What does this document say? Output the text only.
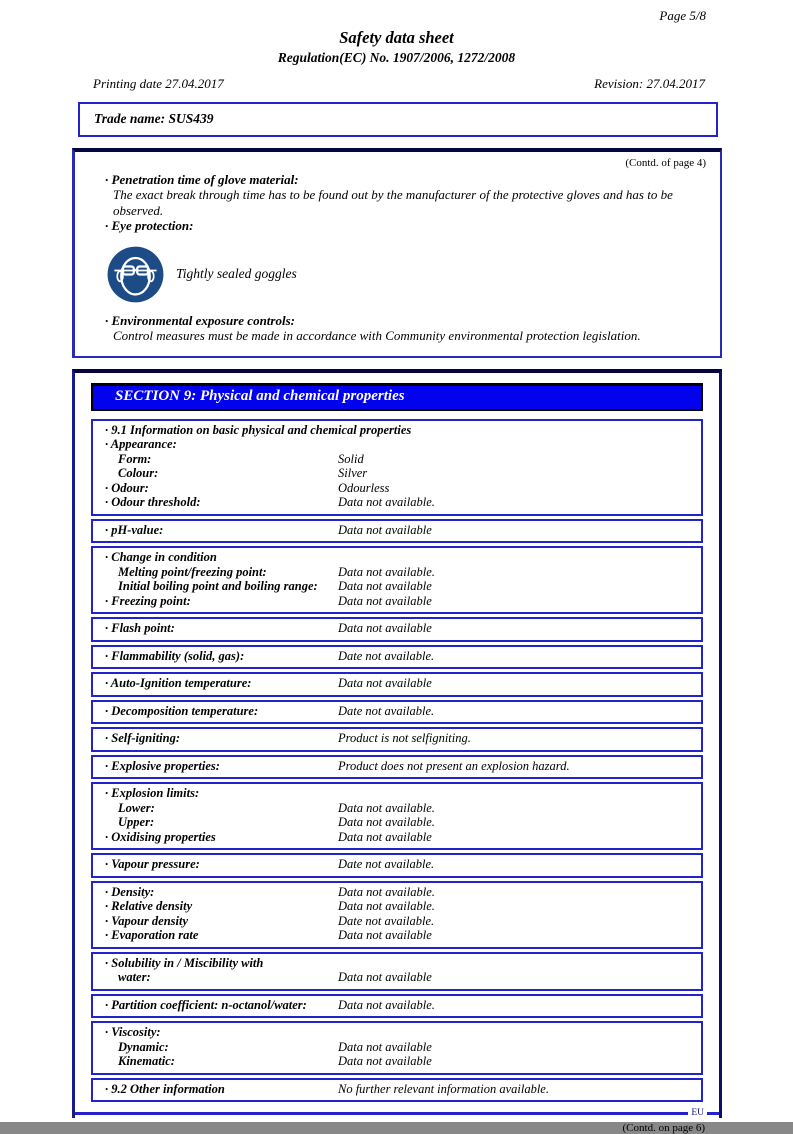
Page 5/8
Safety data sheet
Regulation(EC) No. 1907/2006, 1272/2008
Printing date 27.04.2017	Revision: 27.04.2017
Trade name: SUS439
(Contd. of page 4)
· Penetration time of glove material:
The exact break through time has to be found out by the manufacturer of the protective gloves and has to be observed.
· Eye protection:
Tightly sealed goggles
· Environmental exposure controls:
Control measures must be made in accordance with Community environmental protection legislation.
SECTION 9: Physical and chemical properties
· 9.1 Information on basic physical and chemical properties
· Appearance:
Form:	Solid
Colour:	Silver
· Odour:	Odourless
· Odour threshold:	Data not available.
· pH-value:	Data not available
· Change in condition
Melting point/freezing point:	Data not available.
Initial boiling point and boiling range:	Data not available
· Freezing point:	Data not available
· Flash point:	Data not available
· Flammability (solid, gas):	Date not available.
· Auto-Ignition temperature:	Data not available
· Decomposition temperature:	Date not available.
· Self-igniting:	Product is not selfigniting.
· Explosive properties:	Product does not present an explosion hazard.
· Explosion limits:
Lower:	Data not available.
Upper:	Data not available.
· Oxidising properties	Data not available
· Vapour pressure:	Date not available.
· Density:	Data not available.
· Relative density	Data not available.
· Vapour density	Date not available.
· Evaporation rate	Data not available
· Solubility in / Miscibility with
water:	Data not available
· Partition coefficient: n-octanol/water:	Data not available.
· Viscosity:
Dynamic:	Data not available
Kinematic:	Data not available
· 9.2 Other information	No further relevant information available.
EU
(Contd. on page 6)
